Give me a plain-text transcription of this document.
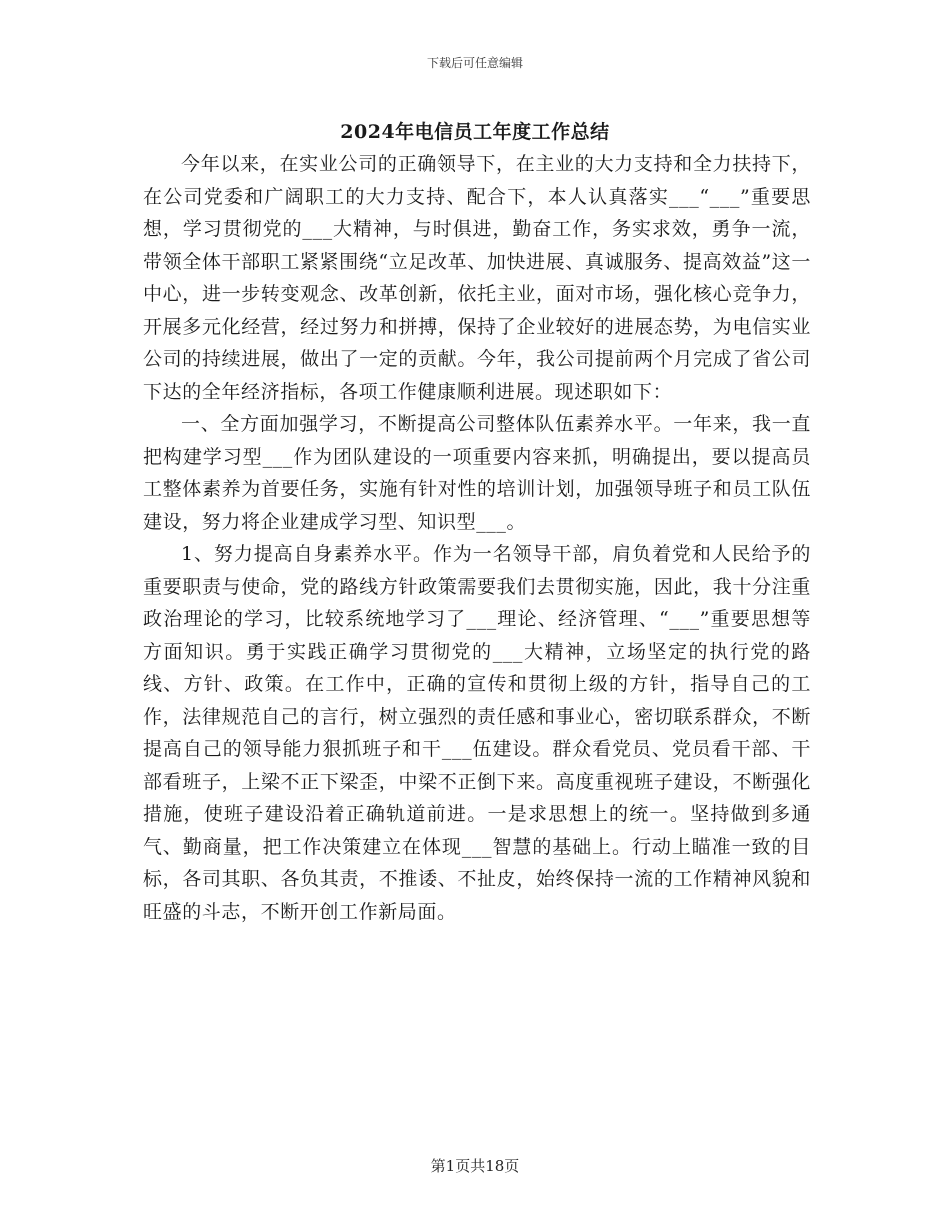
下载后可任意编辑
2024年电信员工年度工作总结

今年以来，在实业公司的正确领导下，在主业的大力支持和全力扶持下，在公司党委和广阔职工的大力支持、配合下，本人认真落实___“___”重要思想，学习贯彻党的___大精神，与时俱进，勤奋工作，务实求效，勇争一流，带领全体干部职工紧紧围绕“立足改革、加快进展、真诚服务、提高效益”这一中心，进一步转变观念、改革创新，依托主业，面对市场，强化核心竞争力，开展多元化经营，经过努力和拼搏，保持了企业较好的进展态势，为电信实业公司的持续进展，做出了一定的贡献。今年，我公司提前两个月完成了省公司下达的全年经济指标，各项工作健康顺利进展。现述职如下：

一、全方面加强学习，不断提高公司整体队伍素养水平。一年来，我一直把构建学习型___作为团队建设的一项重要内容来抓，明确提出，要以提高员工整体素养为首要任务，实施有针对性的培训计划，加强领导班子和员工队伍建设，努力将企业建成学习型、知识型___。

1、努力提高自身素养水平。作为一名领导干部，肩负着党和人民给予的重要职责与使命，党的路线方针政策需要我们去贯彻实施，因此，我十分注重政治理论的学习，比较系统地学习了___理论、经济管理、“___”重要思想等方面知识。勇于实践正确学习贯彻党的___大精神，立场坚定的执行党的路线、方针、政策。在工作中，正确的宣传和贯彻上级的方针，指导自己的工作，法律规范自己的言行，树立强烈的责任感和事业心，密切联系群众，不断提高自己的领导能力狠抓班子和干___伍建设。群众看党员、党员看干部、干部看班子，上梁不正下梁歪，中梁不正倒下来。高度重视班子建设，不断强化措施，使班子建设沿着正确轨道前进。一是求思想上的统一。坚持做到多通气、勤商量，把工作决策建立在体现___智慧的基础上。行动上瞄准一致的目标，各司其职、各负其责，不推诿、不扯皮，始终保持一流的工作精神风貌和旺盛的斗志，不断开创工作新局面。

第1页共18页
